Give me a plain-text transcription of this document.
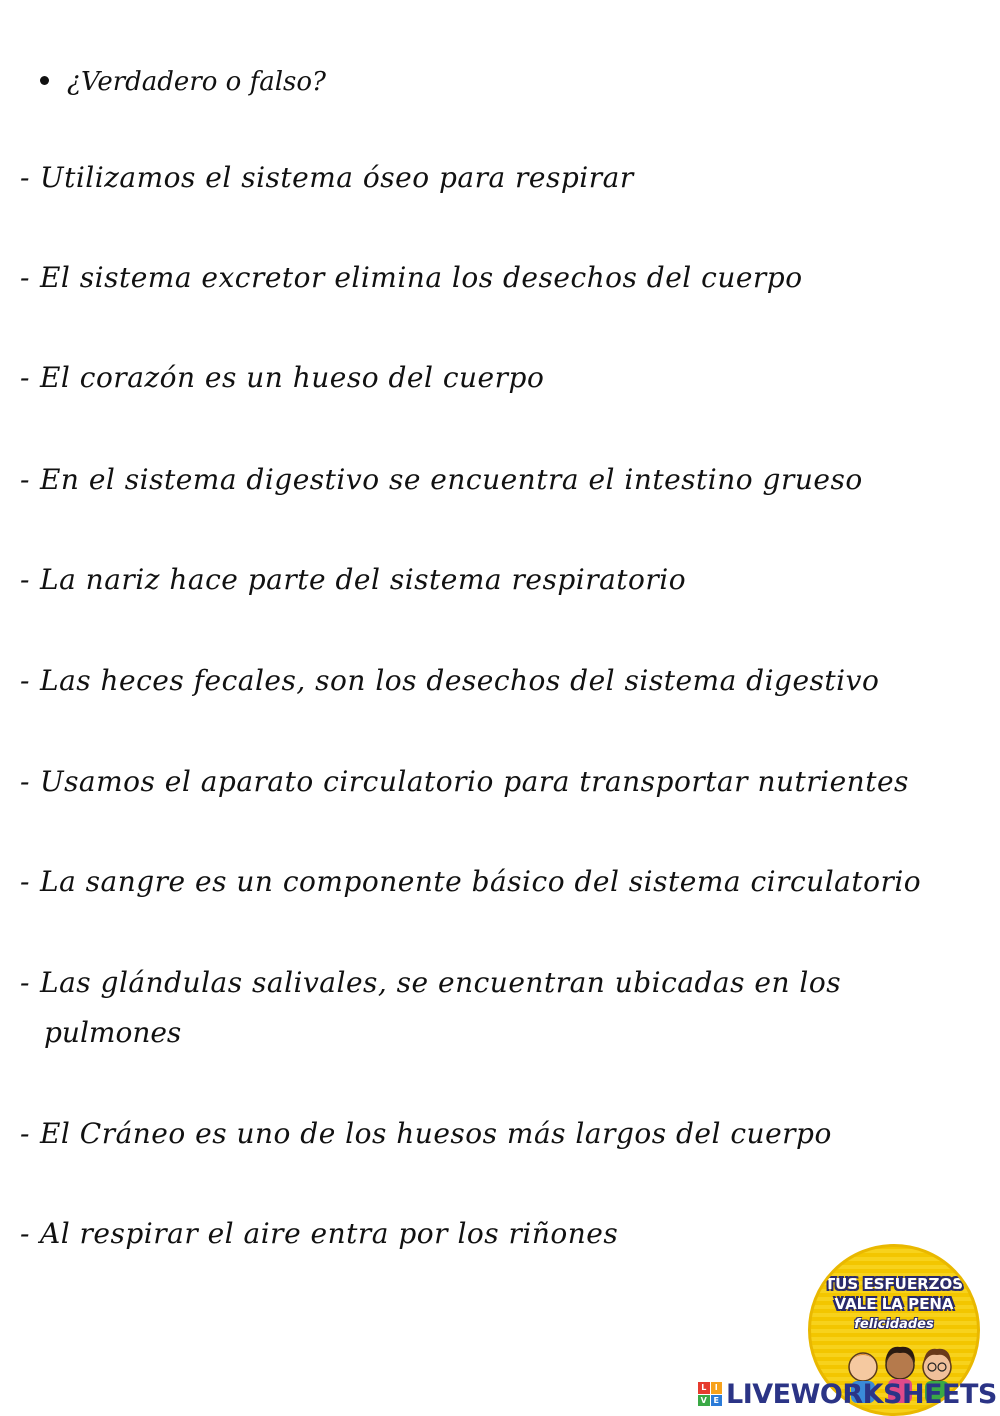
¿Verdadero o falso?
- Utilizamos el sistema óseo para respirar
- El sistema excretor elimina los desechos del cuerpo
- El corazón es un hueso del cuerpo
- En el sistema digestivo se encuentra el intestino grueso
- La nariz hace parte del sistema respiratorio
- Las heces fecales, son los desechos del sistema digestivo
- Usamos el aparato circulatorio para transportar nutrientes
- La sangre es un componente básico del sistema circulatorio
- Las glándulas salivales, se encuentran ubicadas en los
pulmones
- El Cráneo es uno de los huesos más largos del cuerpo
- Al respirar el aire entra por los riñones
TUS ESFUERZOS
VALE LA PENA
felicidades
L	I
V E LIVEWORKSHEETS
